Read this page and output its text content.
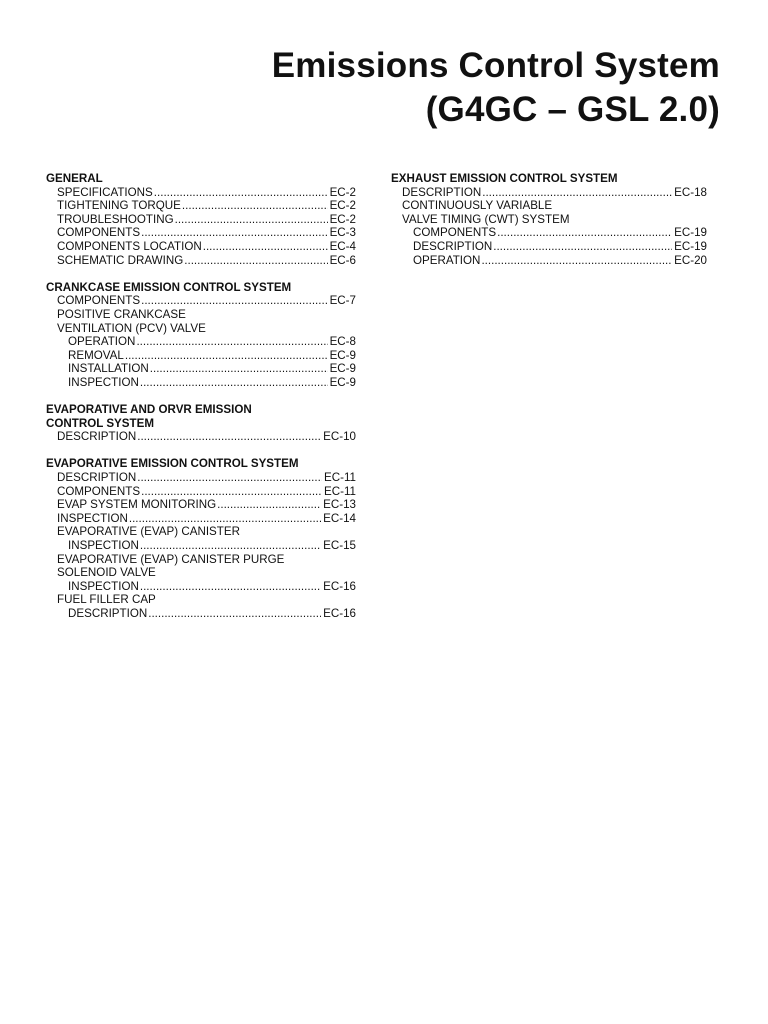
Emissions Control System
(G4GC – GSL 2.0)
GENERAL
SPECIFICATIONS .....	EC-2
TIGHTENING TORQUE .....	EC-2
TROUBLESHOOTING .....	EC-2
COMPONENTS .....	EC-3
COMPONENTS LOCATION .....	EC-4
SCHEMATIC DRAWING .....	EC-6
CRANKCASE EMISSION CONTROL SYSTEM
COMPONENTS .....	EC-7
POSITIVE CRANKCASE
VENTILATION (PCV) VALVE
OPERATION .....	EC-8
REMOVAL .....	EC-9
INSTALLATION .....	EC-9
INSPECTION .....	EC-9
EVAPORATIVE AND ORVR EMISSION
CONTROL SYSTEM
DESCRIPTION .....	EC-10
EVAPORATIVE EMISSION CONTROL SYSTEM
DESCRIPTION .....	EC-11
COMPONENTS .....	EC-11
EVAP SYSTEM MONITORING .....	EC-13
INSPECTION .....	EC-14
EVAPORATIVE (EVAP) CANISTER
INSPECTION .....	EC-15
EVAPORATIVE (EVAP) CANISTER PURGE
SOLENOID VALVE
INSPECTION .....	EC-16
FUEL FILLER CAP
DESCRIPTION .....	EC-16
EXHAUST EMISSION CONTROL SYSTEM
DESCRIPTION .....	EC-18
CONTINUOUSLY VARIABLE
VALVE TIMING (CWT) SYSTEM
COMPONENTS .....	EC-19
DESCRIPTION .....	EC-19
OPERATION .....	EC-20
